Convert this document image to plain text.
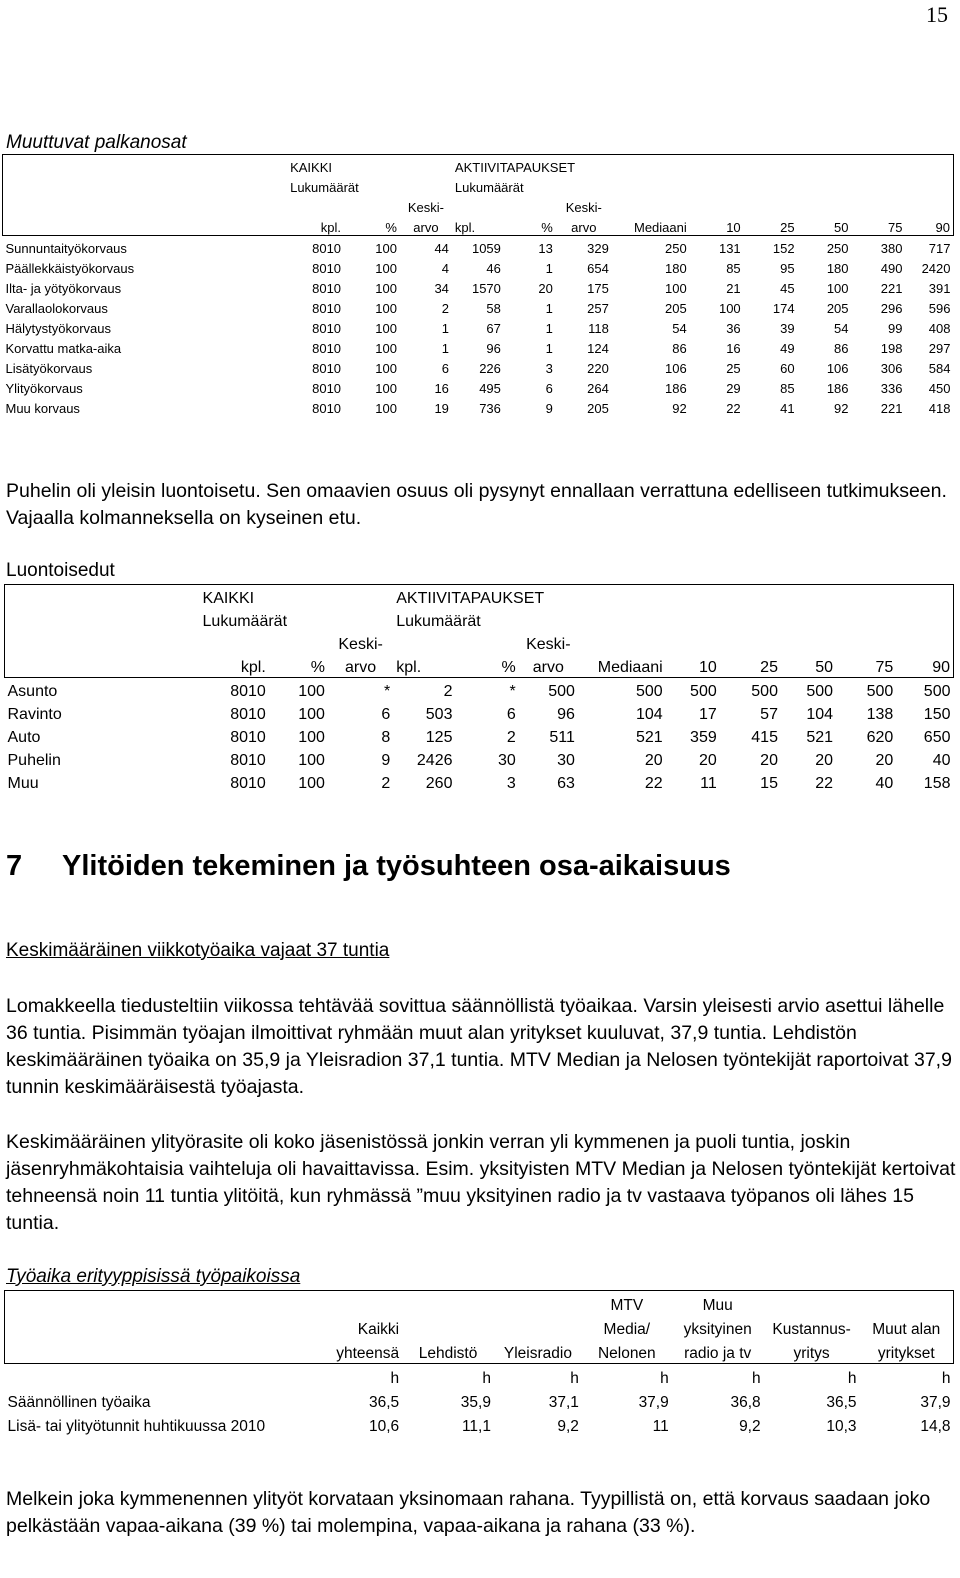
15
Muuttuvat palkanosat
	KAIKKI			AKTIIVITAPAUKSET								
	Lukumäärät			Lukumäärät								
			Keski-			Keski-						
	kpl.	%	arvo	kpl.	%	arvo	Mediaani	10	25	50	75	90
Sunnuntaityökorvaus	8010	100	44	1059	13	329	250	131	152	250	380	717
Päällekkäistyökorvaus	8010	100	4	46	1	654	180	85	95	180	490	2420
Ilta- ja yötyökorvaus	8010	100	34	1570	20	175	100	21	45	100	221	391
Varallaolokorvaus	8010	100	2	58	1	257	205	100	174	205	296	596
Hälytystyökorvaus	8010	100	1	67	1	118	54	36	39	54	99	408
Korvattu matka-aika	8010	100	1	96	1	124	86	16	49	86	198	297
Lisätyökorvaus	8010	100	6	226	3	220	106	25	60	106	306	584
Ylityökorvaus	8010	100	16	495	6	264	186	29	85	186	336	450
Muu korvaus	8010	100	19	736	9	205	92	22	41	92	221	418
Puhelin oli yleisin luontoisetu. Sen omaavien osuus oli pysynyt ennallaan verrattuna edelliseen tutkimukseen. Vajaalla kolmanneksella on kyseinen etu.
Luontoisedut
	KAIKKI			AKTIIVITAPAUKSET								
	Lukumäärät			Lukumäärät								
			Keski-			Keski-						
	kpl.	%	arvo	kpl.	%	arvo	Mediaani	10	25	50	75	90
Asunto	8010	100	*	2	*	500	500	500	500	500	500	500
Ravinto	8010	100	6	503	6	96	104	17	57	104	138	150
Auto	8010	100	8	125	2	511	521	359	415	521	620	650
Puhelin	8010	100	9	2426	30	30	20	20	20	20	20	40
Muu	8010	100	2	260	3	63	22	11	15	22	40	158
7 Ylitöiden tekeminen ja työsuhteen osa-aikaisuus
Keskimääräinen viikkotyöaika vajaat 37 tuntia
Lomakkeella tiedusteltiin viikossa tehtävää sovittua säännöllistä työaikaa. Varsin yleisesti arvio asettui lähelle 36 tuntia. Pisimmän työajan ilmoittivat ryhmään muut alan yritykset kuuluvat, 37,9 tuntia. Lehdistön keskimääräinen työaika on 35,9 ja Yleisradion 37,1 tuntia. MTV Median ja Nelosen työntekijät raportoivat 37,9 tunnin keskimääräisestä työajasta.
Keskimääräinen ylityörasite oli koko jäsenistössä jonkin verran yli kymmenen ja puoli tuntia, joskin jäsenryhmäkohtaisia vaihteluja oli havaittavissa. Esim. yksityisten MTV Median ja Nelosen työntekijät kertoivat tehneensä noin 11 tuntia ylitöitä, kun ryhmässä ”muu yksityinen radio ja tv vastaava työpanos oli lähes 15 tuntia.
Työaika erityyppisissä työpaikoissa
				MTV	Muu		
	Kaikki			Media/	yksityinen	Kustannus-	Muut alan
	yhteensä	Lehdistö	Yleisradio	Nelonen	radio ja tv	yritys	yritykset
	h	h	h	h	h	h	h
Säännöllinen työaika	36,5	35,9	37,1	37,9	36,8	36,5	37,9
Lisä- tai ylityötunnit huhtikuussa 2010	10,6	11,1	9,2	11	9,2	10,3	14,8
Melkein joka kymmenennen ylityöt korvataan yksinomaan rahana. Tyypillistä on, että korvaus saadaan joko pelkästään vapaa-aikana (39 %) tai molempina, vapaa-aikana ja rahana (33 %).
